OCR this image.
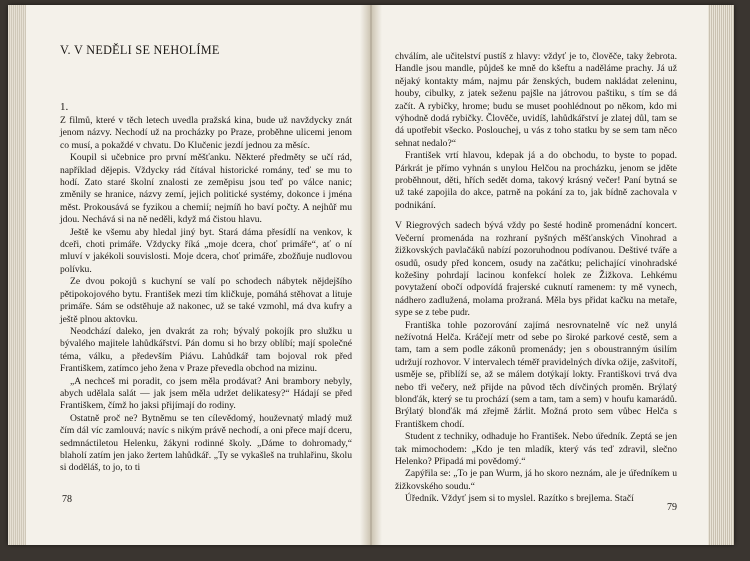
V. V NEDĚLI SE NEHOLÍME
1.

Z filmů, které v těch letech uvedla pražská kina, bude už navždycky znát jenom názvy. Nechodí už na procházky po Praze, proběhne ulicemi jenom co musí, a pokaždé v chvatu. Do Klučenic jezdí jednou za měsíc.

Koupil si učebnice pro první měšťanku. Některé předměty se učí rád, například dějepis. Vždycky rád čítával historické romány, teď se mu to hodí. Zato staré školní znalosti ze zeměpisu jsou teď po válce nanic; změnily se hranice, názvy zemí, jejich politické systémy, dokonce i jména měst. Prokousává se fyzikou a chemií; nejmíň ho baví počty. A nejhůř mu jdou. Nechává si na ně neděli, když má čistou hlavu.

Ještě ke všemu aby hledal jiný byt. Stará dáma přesídlí na venkov, k dceři, choti primáře. Vždycky říká „moje dcera, choť primáře“, ať o ní mluví v jakékoli souvislosti. Moje dcera, choť primáře, zbožňuje nudlovou polívku.

Ze dvou pokojů s kuchyní se valí po schodech nábytek nějdejšího pětipokojového bytu. František mezi tím kličkuje, pomáhá stěhovat a lituje primáře. Sám se odstěhuje až nakonec, už se také vzmohl, má dva kufry a ještě plnou aktovku.

Neodchází daleko, jen dvakrát za roh; bývalý pokojík pro služku u bývalého majitele lahůdkářství. Pán domu si ho brzy oblíbí; mají společné téma, válku, a především Piávu. Lahůdkář tam bojoval rok před Františkem, zatímco jeho žena v Praze převedla obchod na mizinu.

„A nechceš mi poradit, co jsem měla prodávat? Ani brambory nebyly, abych udělala salát — jak jsem měla udržet delikatesy?“ Hádají se před Františkem, čímž ho jaksi přijímají do rodiny.

Ostatně proč ne? Bytněmu se ten cílevědomý, houževnatý mladý muž čím dál víc zamlouvá; navíc s nikým právě nechodí, a oni přece mají dceru, sedmnáctiletou Helenku, žákyni rodinné školy. „Dáme to dohromady,“ blaholí zatím jen jako žertem lahůdkář. „Ty se vykašleš na truhlařinu, školu si doděláš, to jo, to ti

78

chválím, ale učitelství pustíš z hlavy: vždyť je to, člověče, taky žebrota. Handle jsou mandle, půjdeš ke mně do kšeftu a nadělámе prachy. Já už nějaký kontakty mám, najmu pár ženských, budem nakládat zeleninu, houby, cibulky, z jatek seženu pajšle na játrovou paštiku, s tím se dá začít. A rybičky, hrome; budu se muset poohlédnout po někom, kdo mi výhodně dodá rybičky. Člověče, uvidíš, lahůdkářství je zlatej důl, tam se dá upotřebit všecko. Poslouchej, u vás z toho statku by se sem tam něco sehnat nedalo?“

František vrtí hlavou, kdepak já a do obchodu, to byste to popad. Párkrát je přímo vyhnán s unylou Helčou na procházku, jenom se jděte proběhnout, děti, hřích sedět doma, takový krásný večer! Paní bytná se už také zapojila do akce, patrně na pokání za to, jak bídně zachovala v podnikání.

V Riegrových sadech bývá vždy po šesté hodině promenádní koncert. Večerní promenáda na rozhraní pyšných měšťanských Vinohrad a žižkovských pavlačáků nabízí pozoruhodnou podívanou. Deštivé tváře a osudů, osudy před koncem, osudy na začátku; pelichající vinohradské kožešiny pohrdají lacinou konfekcí holek ze Žižkova. Lehkému povytažení obočí odpovídá frajerské cuknutí ramenem: ty mě vynech, nádhero zadlužená, molama prožraná. Měla bys přidat kačku na metaře, sype se z tebe pudr.

Františka tohle pozorování zajímá nesrovnatelně víc než unylá nežívotná Helča. Kráčejí metr od sebe po široké parkové cestě, sem a tam, tam a sem podle zákonů promenády; jen s oboustranným úsilím udržují rozhovor. V intervalech téměř pravidelných dívka ožije, zašvitoří, usměje se, přiblíží se, až se málem dotýkají lokty. Františkovi trvá dva nebo tři večery, než přijde na původ těch dívčiných proměn. Brýlatý blonďák, který se tu prochází (sem a tam, tam a sem) v houfu kamarádů. Brýlatý blonďák má zřejmě žárlit. Možná proto sem vůbec Helča s Františkem chodí.

Student z techniky, odhaduje ho František. Nebo úředník. Zeptá se jen tak mimochodem: „Kdo je ten mladík, který vás teď zdravil, slečno Helenko? Připadá mi povědomý.“

Zapýřila se: „To je pan Wurm, já ho skoro neznám, ale je úředníkem u žižkovského soudu.“

Úředník. Vždyť jsem si to myslel. Razítko s brejlema. Stačí

79
